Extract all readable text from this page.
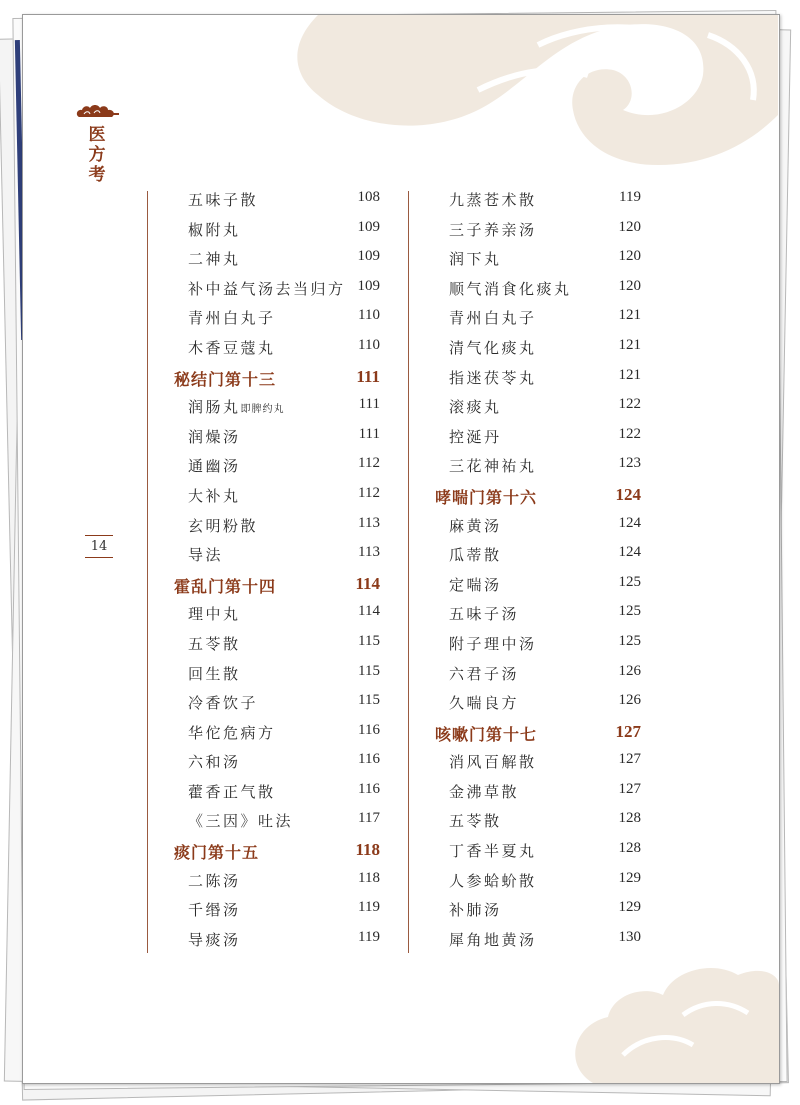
医
方
考
14
五味子散	108
椒附丸	109
二神丸	109
补中益气汤去当归方 109
青州白丸子	110
木香豆蔻丸	110
秘结门第十三	111
润肠丸即脾约丸	111
润燥汤	111
通幽汤	112
大补丸	112
玄明粉散	113
导法	113
霍乱门第十四	114
理中丸	114
五苓散	115
回生散	115
冷香饮子	115
华佗危病方	116
六和汤	116
藿香正气散	116
《三因》吐法	117
痰门第十五	118
二陈汤	118
千缗汤	119
导痰汤	119
九蒸苍术散	119
三子养亲汤	120
润下丸	120
顺气消食化痰丸	120
青州白丸子	121
清气化痰丸	121
指迷茯苓丸	121
滚痰丸	122
控涎丹	122
三花神祐丸	123
哮喘门第十六	124
麻黄汤	124
瓜蒂散	124
定喘汤	125
五味子汤	125
附子理中汤	125
六君子汤	126
久喘良方	126
咳嗽门第十七	127
消风百解散	127
金沸草散	127
五苓散	128
丁香半夏丸	128
人参蛤蚧散	129
补肺汤	129
犀角地黄汤	130
